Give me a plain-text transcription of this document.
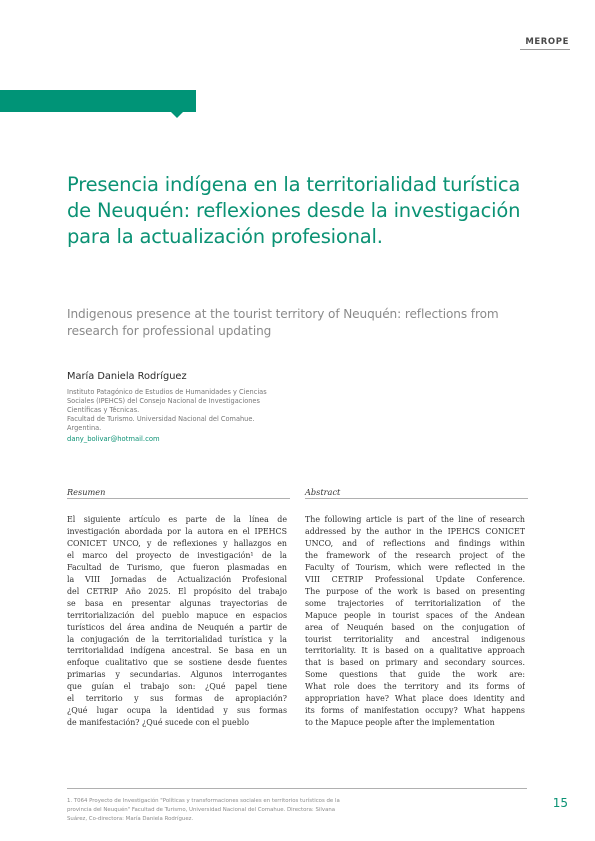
MEROPE
Presencia indígena en la territorialidad turística de Neuquén: reflexiones desde la investigación para la actualización profesional.

Indigenous presence at the tourist territory of Neuquén: reflections from research for professional updating

María Daniela Rodríguez
Instituto Patagónico de Estudios de Humanidades y Ciencias
Sociales (IPEHCS) del Consejo Nacional de Investigaciones
Científicas y Técnicas.
Facultad de Turismo. Universidad Nacional del Comahue.
Argentina.
dany_bolivar@hotmail.com
Resumen	Abstract
El siguiente artículo es parte de la línea de
investigación abordada por la autora en el IPEHCS
CONICET UNCO, y de reflexiones y hallazgos en
el marco del proyecto de investigación¹ de la
Facultad de Turismo, que fueron plasmadas en
la VIII Jornadas de Actualización Profesional
del CETRIP Año 2025. El propósito del trabajo
se basa en presentar algunas trayectorias de
territorialización del pueblo mapuce en espacios
turísticos del área andina de Neuquén a partir de
la conjugación de la territorialidad turística y la
territorialidad indígena ancestral. Se basa en un
enfoque cualitativo que se sostiene desde fuentes
primarias y secundarias. Algunos interrogantes
que guían el trabajo son: ¿Qué papel tiene
el territorio y sus formas de apropiación?
¿Qué lugar ocupa la identidad y sus formas
de manifestación? ¿Qué sucede con el pueblo
The following article is part of the line of research
addressed by the author in the IPEHCS CONICET
UNCO, and of reflections and findings within
the framework of the research project of the
Faculty of Tourism, which were reflected in the
VIII CETRIP Professional Update Conference.
The purpose of the work is based on presenting
some trajectories of territorialization of the
Mapuce people in tourist spaces of the Andean
area of Neuquén based on the conjugation of
tourist territoriality and ancestral indigenous
territoriality. It is based on a qualitative approach
that is based on primary and secondary sources.
Some questions that guide the work are:
What role does the territory and its forms of
appropriation have? What place does identity and
its forms of manifestation occupy? What happens
to the Mapuce people after the implementation
1. T064 Proyecto de Investigación "Políticas y transformaciones sociales en territorios turísticos de la
provincia del Neuquén" Facultad de Turismo, Universidad Nacional del Comahue. Directora: Silvana
Suárez, Co-directora: María Daniela Rodríguez.
15
